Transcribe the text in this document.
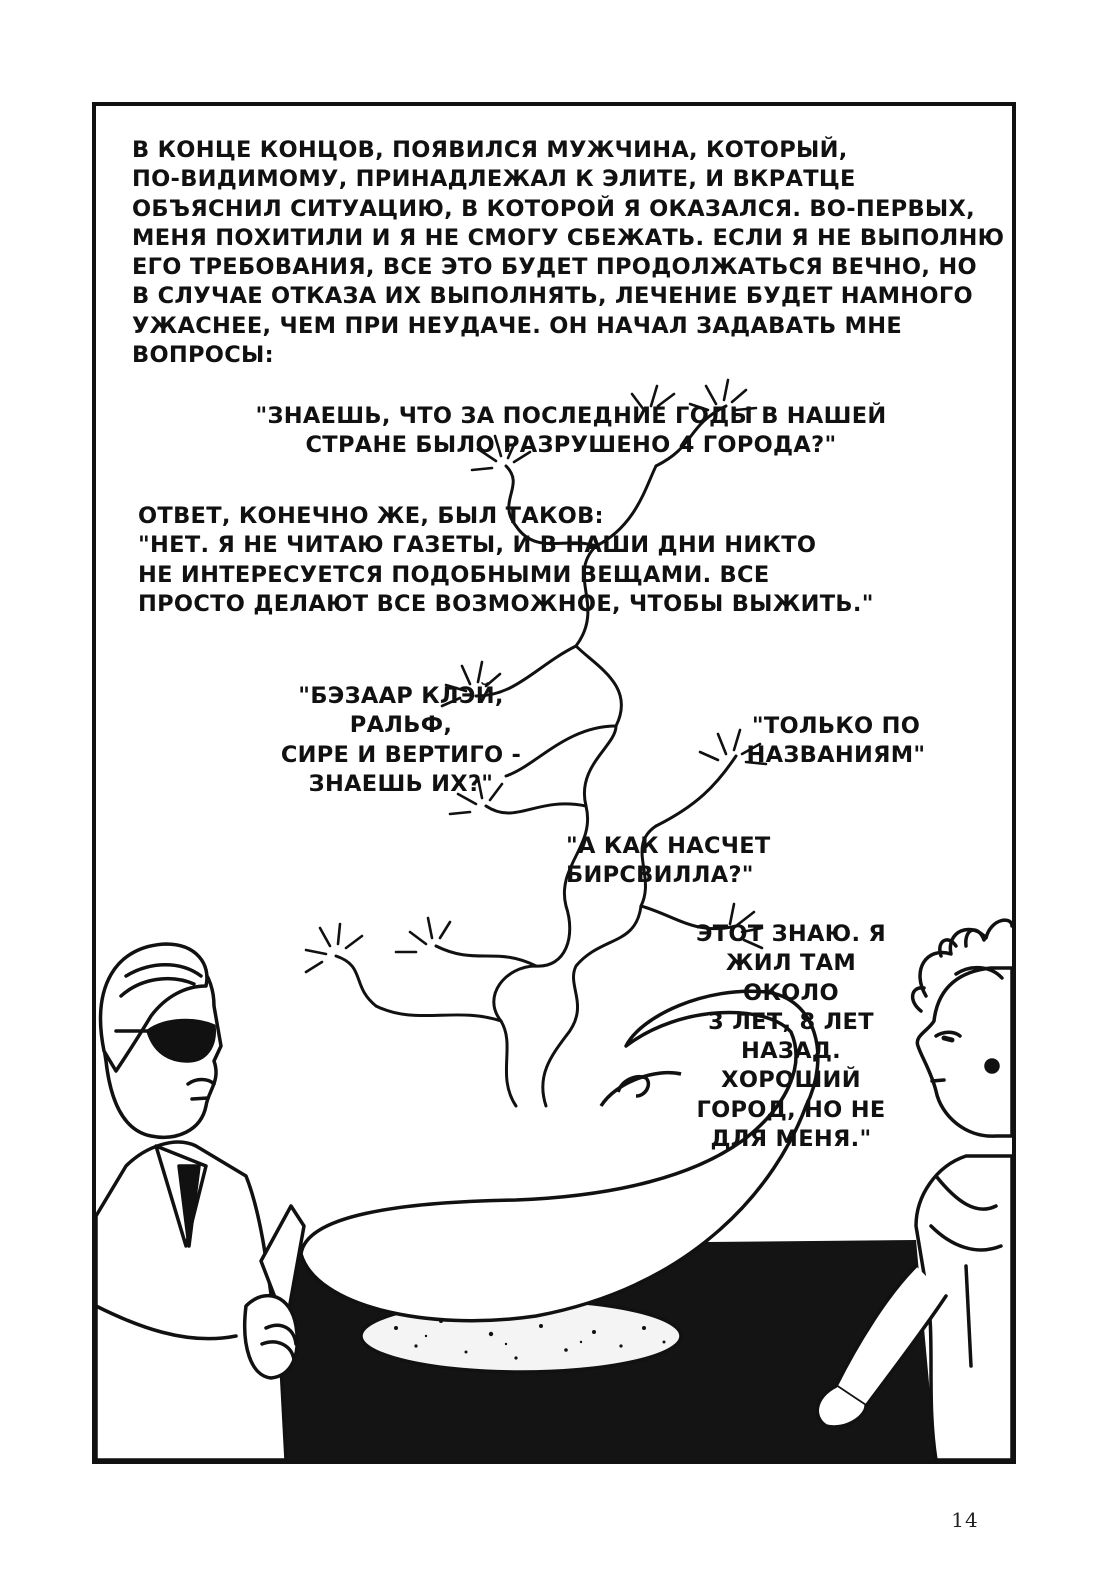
В КОНЦЕ КОНЦОВ, ПОЯВИЛСЯ МУЖЧИНА, КОТОРЫЙ,
ПО-ВИДИМОМУ, ПРИНАДЛЕЖАЛ К ЭЛИТЕ, И ВКРАТЦЕ
ОБЪЯСНИЛ СИТУАЦИЮ, В КОТОРОЙ Я ОКАЗАЛСЯ. ВО-ПЕРВЫХ,
МЕНЯ ПОХИТИЛИ И Я НЕ СМОГУ СБЕЖАТЬ. ЕСЛИ Я НЕ ВЫПОЛНЮ
ЕГО ТРЕБОВАНИЯ, ВСЕ ЭТО БУДЕТ ПРОДОЛЖАТЬСЯ ВЕЧНО, НО
В СЛУЧАЕ ОТКАЗА ИХ ВЫПОЛНЯТЬ, ЛЕЧЕНИЕ БУДЕТ НАМНОГО
УЖАСНЕЕ, ЧЕМ ПРИ НЕУДАЧЕ. ОН НАЧАЛ ЗАДАВАТЬ МНЕ
ВОПРОСЫ:

"ЗНАЕШЬ, ЧТО ЗА ПОСЛЕДНИЕ ГОДЫ В НАШЕЙ
СТРАНЕ БЫЛО РАЗРУШЕНО 4 ГОРОДА?"

ОТВЕТ, КОНЕЧНО ЖЕ, БЫЛ ТАКОВ:
"НЕТ. Я НЕ ЧИТАЮ ГАЗЕТЫ, И В НАШИ ДНИ НИКТО
НЕ ИНТЕРЕСУЕТСЯ ПОДОБНЫМИ ВЕЩАМИ. ВСЕ
ПРОСТО ДЕЛАЮТ ВСЕ ВОЗМОЖНОЕ, ЧТОБЫ ВЫЖИТЬ."

"БЭЗААР КЛЭЙ, РАЛЬФ,
СИРЕ И ВЕРТИГО -
ЗНАЕШЬ ИХ?"

"ТОЛЬКО ПО
НАЗВАНИЯМ"

"А КАК НАСЧЕТ
БИРСВИЛЛА?"

ЭТОТ ЗНАЮ. Я
ЖИЛ ТАМ ОКОЛО
3 ЛЕТ, 8 ЛЕТ
НАЗАД. ХОРОШИЙ
ГОРОД, НО НЕ
ДЛЯ МЕНЯ."

14
